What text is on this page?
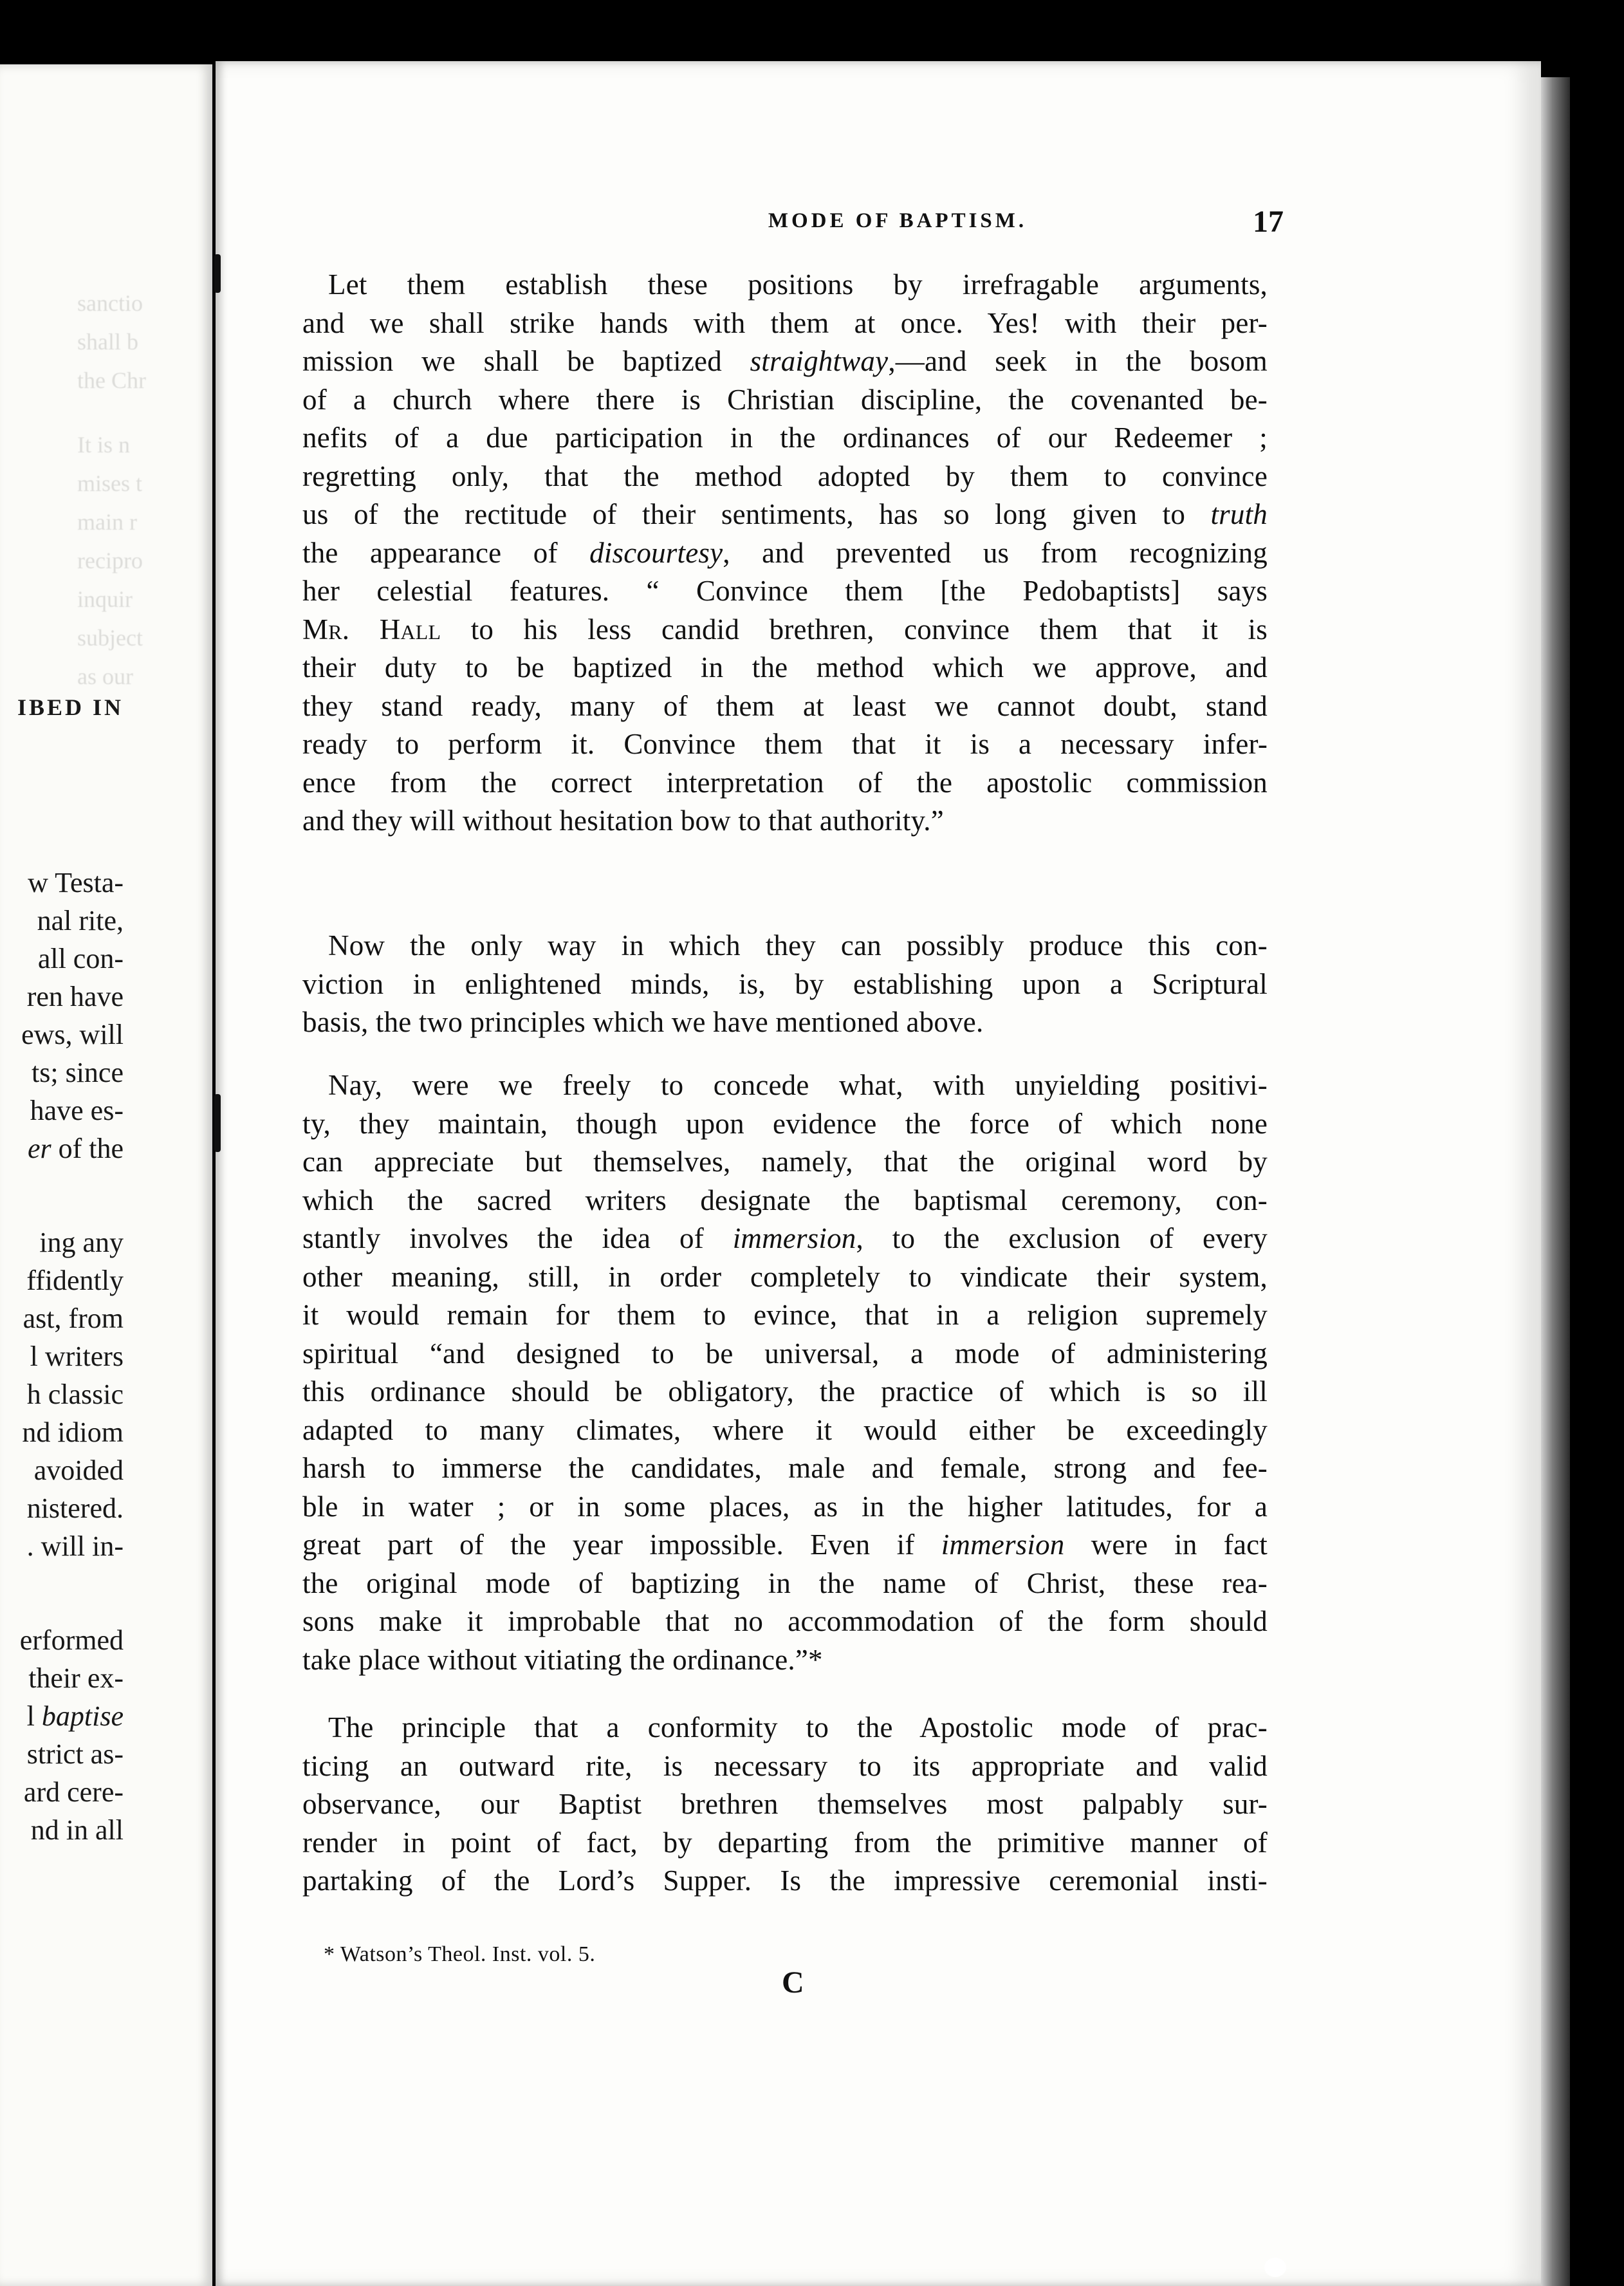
sanctio
shall b
the Chr
It is n
mises t
main r
recipro
inquir
subject
as our
IBED IN
w Testa-
nal rite,
all con-
ren have
ews, will
ts; since
have es-
er of the
ing any
ffidently
ast, from
l writers
h classic
nd idiom
avoided
nistered.
. will in-
erformed
their ex-
l baptise
strict as-
ard cere-
nd in all
MODE OF BAPTISM.	17
Let them establish these positions by irrefragable arguments,
and we shall strike hands with them at once. Yes! with their per-
mission we shall be baptized straightway,—and seek in the bosom
of a church where there is Christian discipline, the covenanted be-
nefits of a due participation in the ordinances of our Redeemer ;
regretting only, that the method adopted by them to convince
us of the rectitude of their sentiments, has so long given to truth
the appearance of discourtesy, and prevented us from recognizing
her celestial features. “ Convince them [the Pedobaptists] says
Mr. Hall to his less candid brethren, convince them that it is
their duty to be baptized in the method which we approve, and
they stand ready, many of them at least we cannot doubt, stand
ready to perform it. Convince them that it is a necessary infer-
ence from the correct interpretation of the apostolic commission
and they will without hesitation bow to that authority.”
Now the only way in which they can possibly produce this con-
viction in enlightened minds, is, by establishing upon a Scriptural
basis, the two principles which we have mentioned above.
Nay, were we freely to concede what, with unyielding positivi-
ty, they maintain, though upon evidence the force of which none
can appreciate but themselves, namely, that the original word by
which the sacred writers designate the baptismal ceremony, con-
stantly involves the idea of immersion, to the exclusion of every
other meaning, still, in order completely to vindicate their system,
it would remain for them to evince, that in a religion supremely
spiritual “and designed to be universal, a mode of administering
this ordinance should be obligatory, the practice of which is so ill
adapted to many climates, where it would either be exceedingly
harsh to immerse the candidates, male and female, strong and fee-
ble in water ; or in some places, as in the higher latitudes, for a
great part of the year impossible. Even if immersion were in fact
the original mode of baptizing in the name of Christ, these rea-
sons make it improbable that no accommodation of the form should
take place without vitiating the ordinance.”*
The principle that a conformity to the Apostolic mode of prac-
ticing an outward rite, is necessary to its appropriate and valid
observance, our Baptist brethren themselves most palpably sur-
render in point of fact, by departing from the primitive manner of
partaking of the Lord’s Supper. Is the impressive ceremonial insti-
* Watson’s Theol. Inst. vol. 5.
C
